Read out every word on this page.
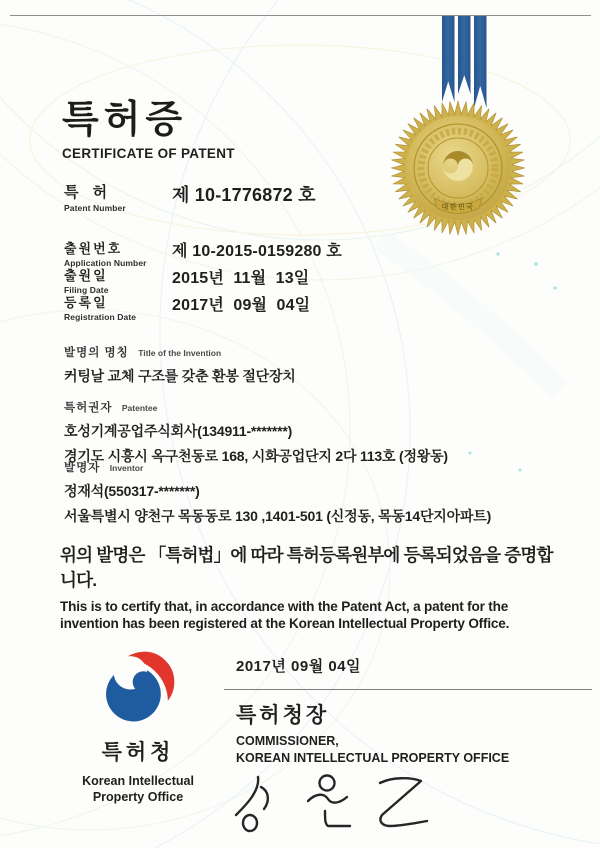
대한민국
특허증
CERTIFICATE OF PATENT
특 허
Patent Number
제 10-1776872 호
출원번호
Application Number
제 10-2015-0159280 호
출원일
Filing Date
2015년  11월  13일
등록일
Registration Date
2017년  09월  04일
발명의 명칭 Title of the Invention
커팅날 교체 구조를 갖춘 환봉 절단장치
특허권자 Patentee
호성기계공업주식회사(134911-*******)
경기도 시흥시 옥구천동로 168, 시화공업단지 2다 113호 (정왕동)
발명자 Inventor
정재석(550317-*******)
서울특별시 양천구 목동동로 130 ,1401-501 (신정동, 목동14단지아파트)
위의 발명은 「특허법」에 따라 특허등록원부에 등록되었음을 증명합니다.
This is to certify that, in accordance with the Patent Act, a patent for the invention has been registered at the Korean Intellectual Property Office.
특허청
Korean Intellectual
Property Office
2017년 09월 04일
특허청장
COMMISSIONER,
KOREAN INTELLECTUAL PROPERTY OFFICE
